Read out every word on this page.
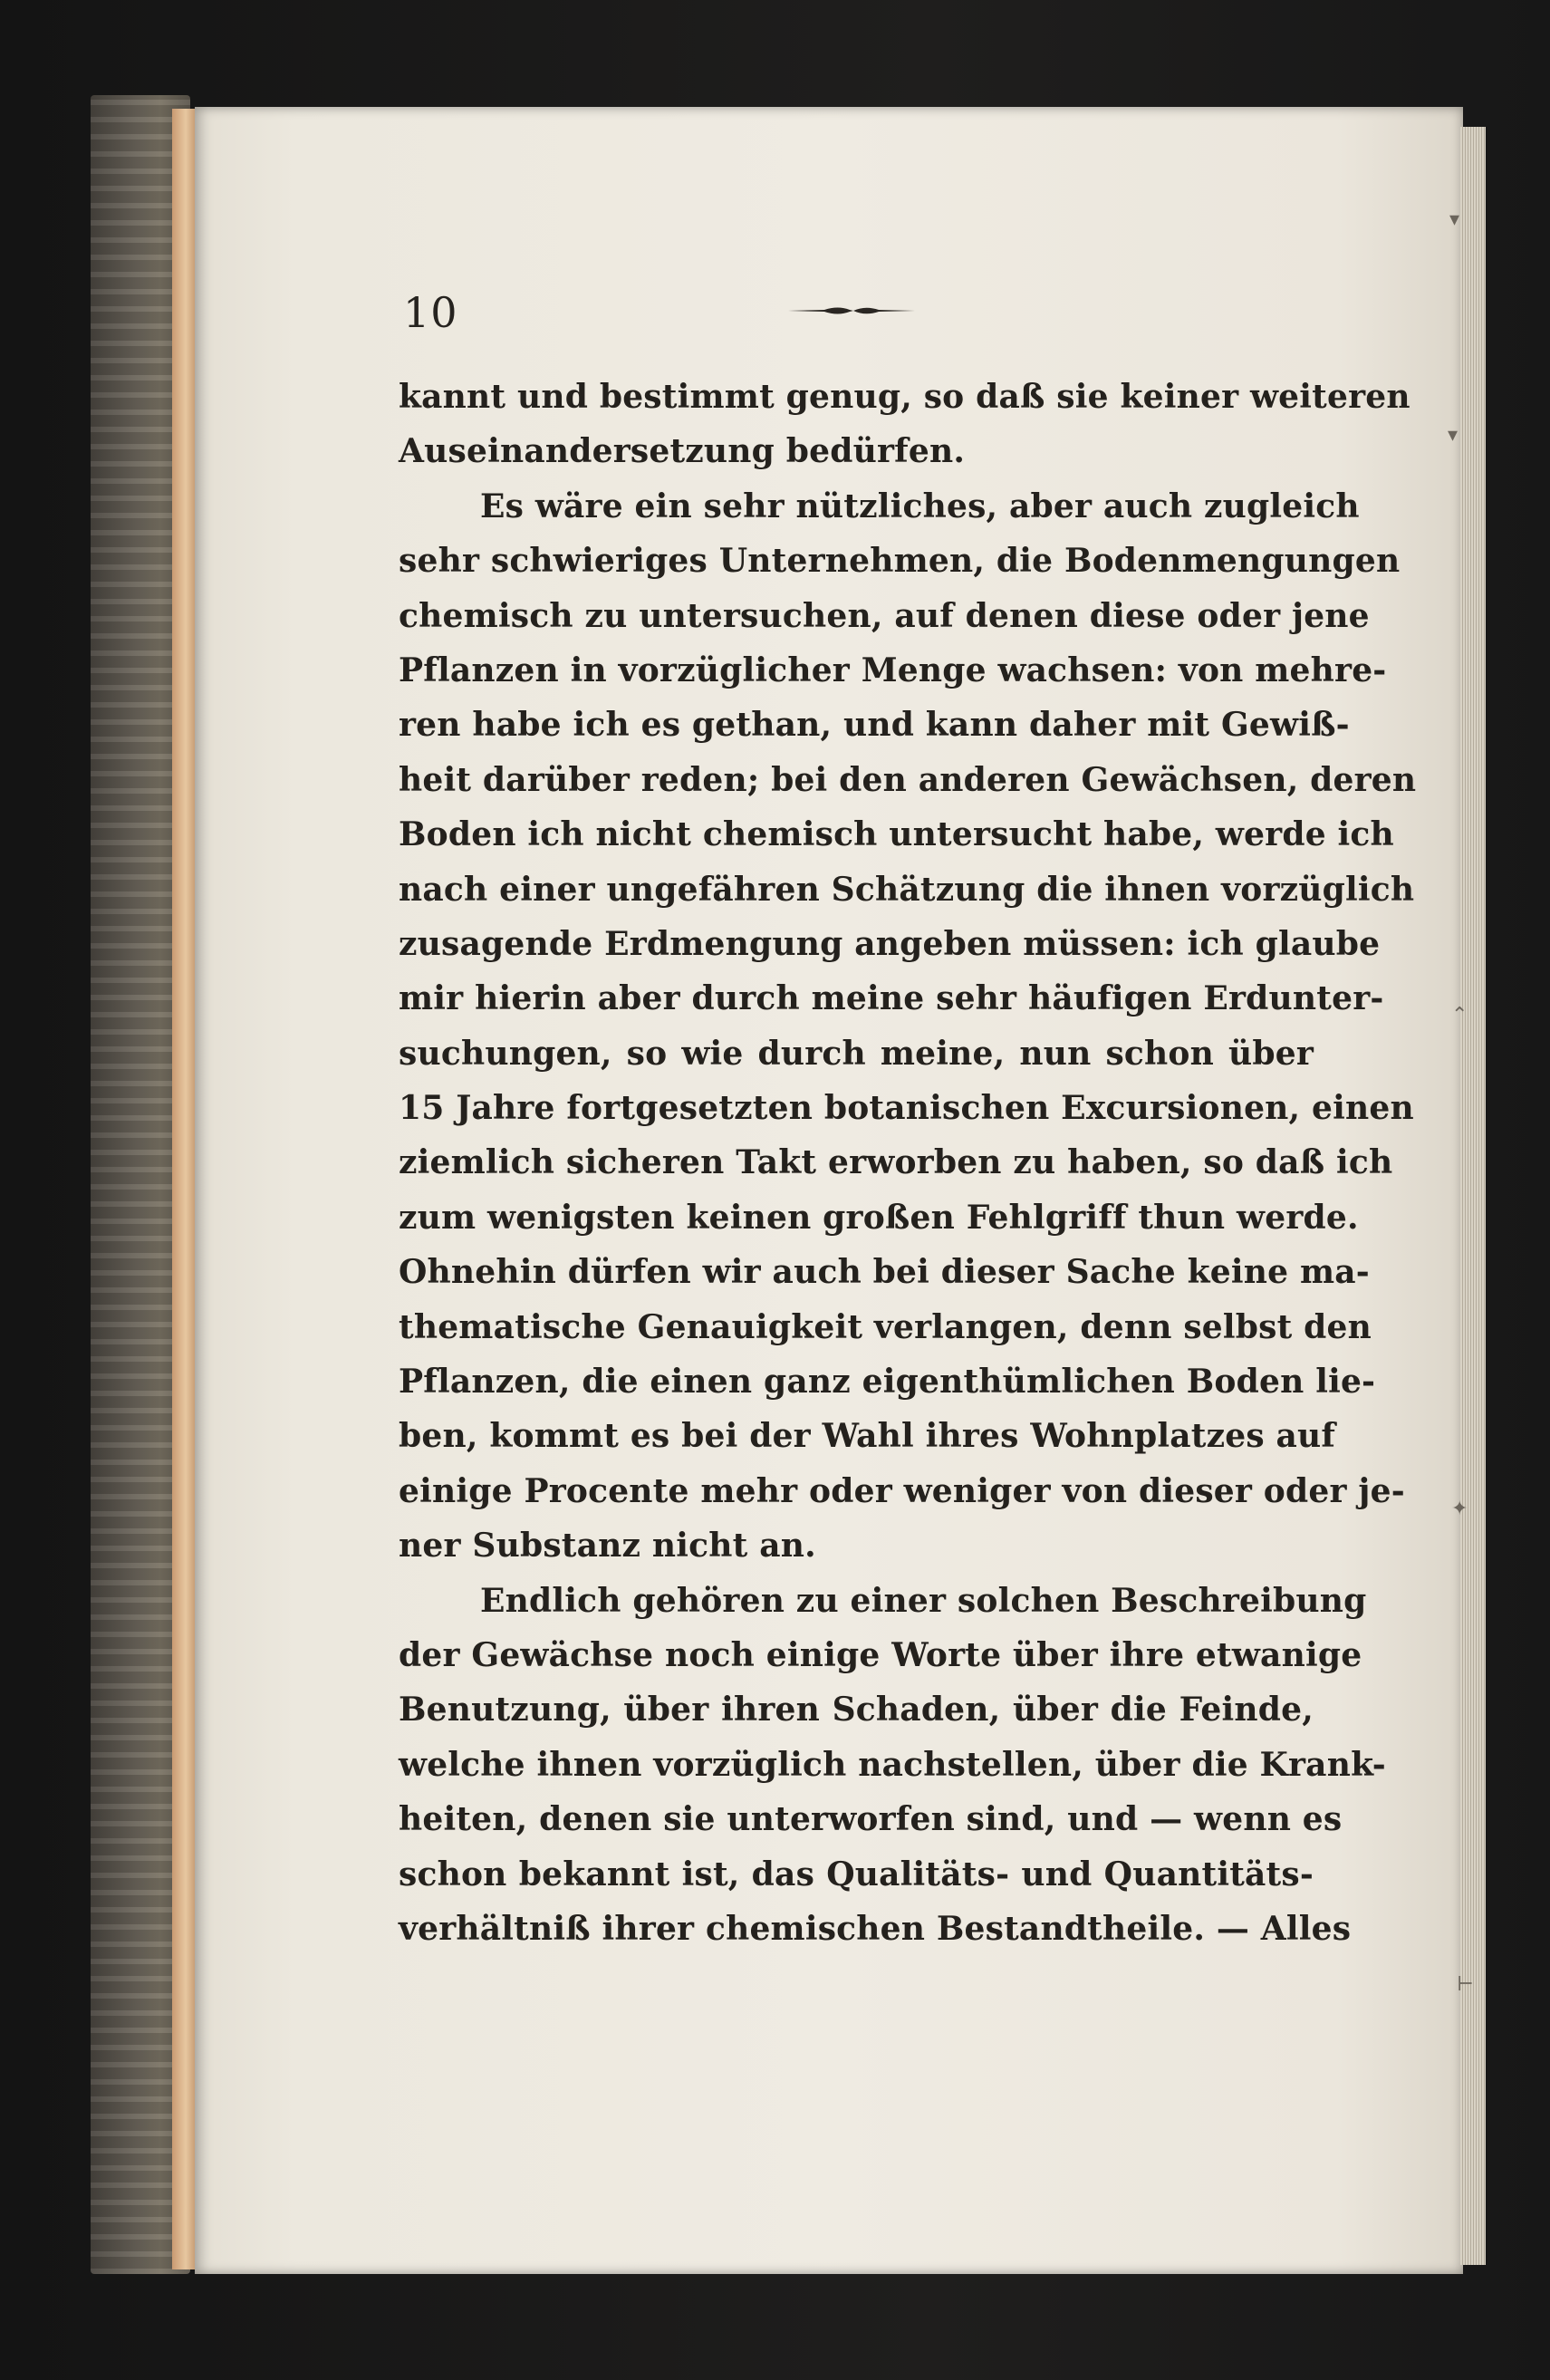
▾
▾
⌃
✦
⊢
10
kannt und bestimmt genug, so daß sie keiner weiteren
Auseinandersetzung bedürfen.
Es wäre ein sehr nützliches, aber auch zugleich
sehr schwieriges Unternehmen, die Bodenmengungen
chemisch zu untersuchen, auf denen diese oder jene
Pflanzen in vorzüglicher Menge wachsen: von mehre-
ren habe ich es gethan, und kann daher mit Gewiß-
heit darüber reden; bei den anderen Gewächsen, deren
Boden ich nicht chemisch untersucht habe, werde ich
nach einer ungefähren Schätzung die ihnen vorzüglich
zusagende Erdmengung angeben müssen: ich glaube
mir hierin aber durch meine sehr häufigen Erdunter-
suchungen, so wie durch meine, nun schon über
15 Jahre fortgesetzten botanischen Excursionen, einen
ziemlich sicheren Takt erworben zu haben, so daß ich
zum wenigsten keinen großen Fehlgriff thun werde.
Ohnehin dürfen wir auch bei dieser Sache keine ma-
thematische Genauigkeit verlangen, denn selbst den
Pflanzen, die einen ganz eigenthümlichen Boden lie-
ben, kommt es bei der Wahl ihres Wohnplatzes auf
einige Procente mehr oder weniger von dieser oder je-
ner Substanz nicht an.
Endlich gehören zu einer solchen Beschreibung
der Gewächse noch einige Worte über ihre etwanige
Benutzung, über ihren Schaden, über die Feinde,
welche ihnen vorzüglich nachstellen, über die Krank-
heiten, denen sie unterworfen sind, und — wenn es
schon bekannt ist, das Qualitäts- und Quantitäts-
verhältniß ihrer chemischen Bestandtheile. — Alles
